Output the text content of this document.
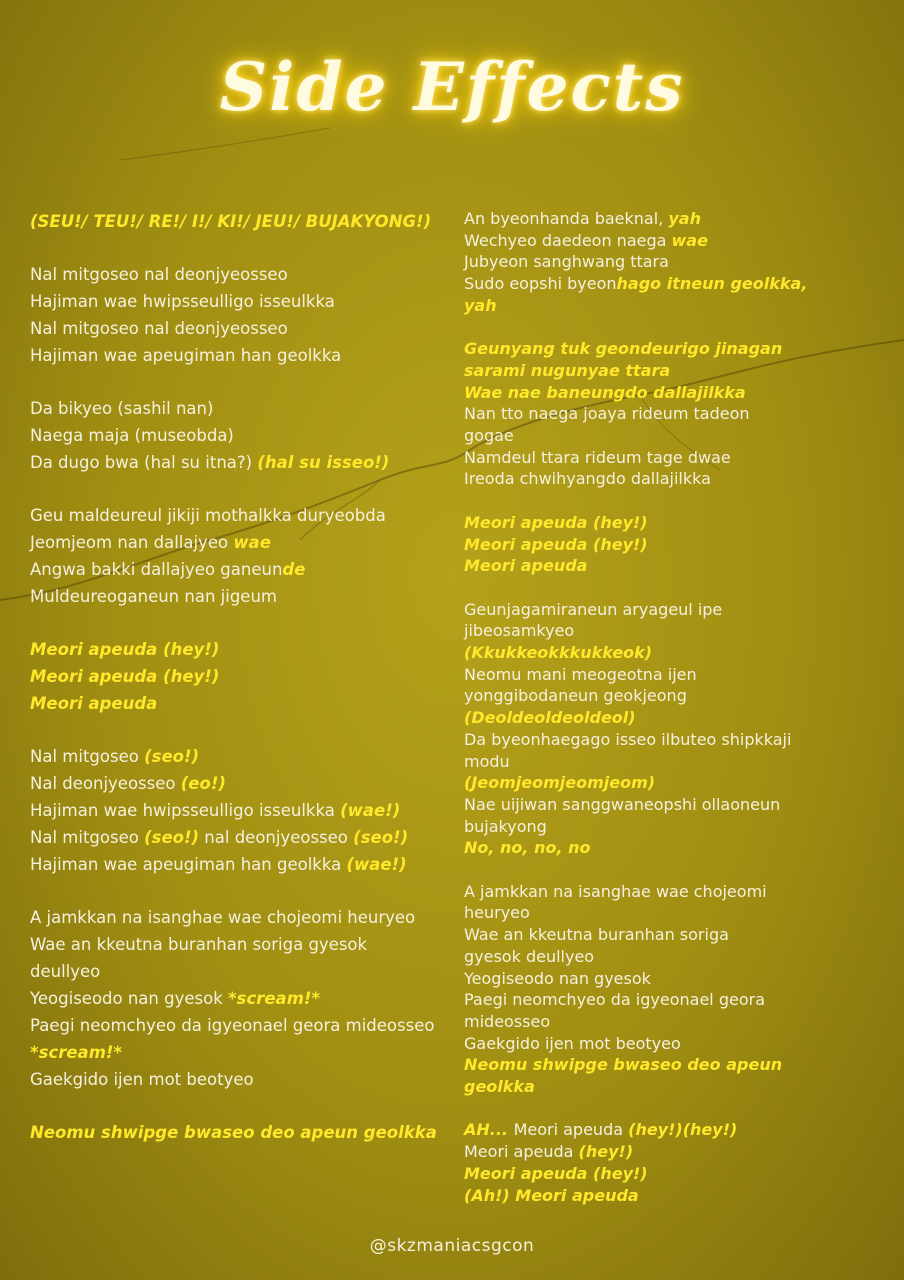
Side Effects
(SEU!/ TEU!/ RE!/ I!/ KI!/ JEU!/ BUJAKYONG!)
Nal mitgoseo nal deonjyeosseo
Hajiman wae hwipsseulligo isseulkka
Nal mitgoseo nal deonjyeosseo
Hajiman wae apeugiman han geolkka
Da bikyeo (sashil nan)
Naega maja (museobda)
Da dugo bwa (hal su itna?) (hal su isseo!)
Geu maldeureul jikiji mothalkka duryeobda
Jeomjeom nan dallajyeo wae
Angwa bakki dallajyeo ganeunde
Muldeureoganeun nan jigeum
Meori apeuda (hey!)
Meori apeuda (hey!)
Meori apeuda
Nal mitgoseo (seo!)
Nal deonjyeosseo (eo!)
Hajiman wae hwipsseulligo isseulkka (wae!)
Nal mitgoseo (seo!) nal deonjyeosseo (seo!)
Hajiman wae apeugiman han geolkka (wae!)
A jamkkan na isanghae wae chojeomi heuryeo
Wae an kkeutna buranhan soriga gyesok
deullyeo
Yeogiseodo nan gyesok *scream!*
Paegi neomchyeo da igyeonael geora mideosseo
*scream!*
Gaekgido ijen mot beotyeo
Neomu shwipge bwaseo deo apeun geolkka
An byeonhanda baeknal, yah
Wechyeo daedeon naega wae
Jubyeon sanghwang ttara
Sudo eopshi byeonhago itneun geolkka,
yah
Geunyang tuk geondeurigo jinagan
sarami nugunyae ttara
Wae nae baneungdo dallajilkka
Nan tto naega joaya rideum tadeon
gogae
Namdeul ttara rideum tage dwae
Ireoda chwihyangdo dallajilkka
Meori apeuda (hey!)
Meori apeuda (hey!)
Meori apeuda
Geunjagamiraneun aryageul ipe
jibeosamkyeo
(Kkukkeokkkukkeok)
Neomu mani meogeotna ijen
yonggibodaneun geokjeong
(Deoldeoldeoldeol)
Da byeonhaegago isseo ilbuteo shipkkaji
modu
(Jeomjeomjeomjeom)
Nae uijiwan sanggwaneopshi ollaoneun
bujakyong
No, no, no, no
A jamkkan na isanghae wae chojeomi
heuryeo
Wae an kkeutna buranhan soriga
gyesok deullyeo
Yeogiseodo nan gyesok
Paegi neomchyeo da igyeonael geora
mideosseo
Gaekgido ijen mot beotyeo
Neomu shwipge bwaseo deo apeun
geolkka
AH... Meori apeuda (hey!)(hey!)
Meori apeuda (hey!)
Meori apeuda (hey!)
(Ah!) Meori apeuda
@skzmaniacsgcon
